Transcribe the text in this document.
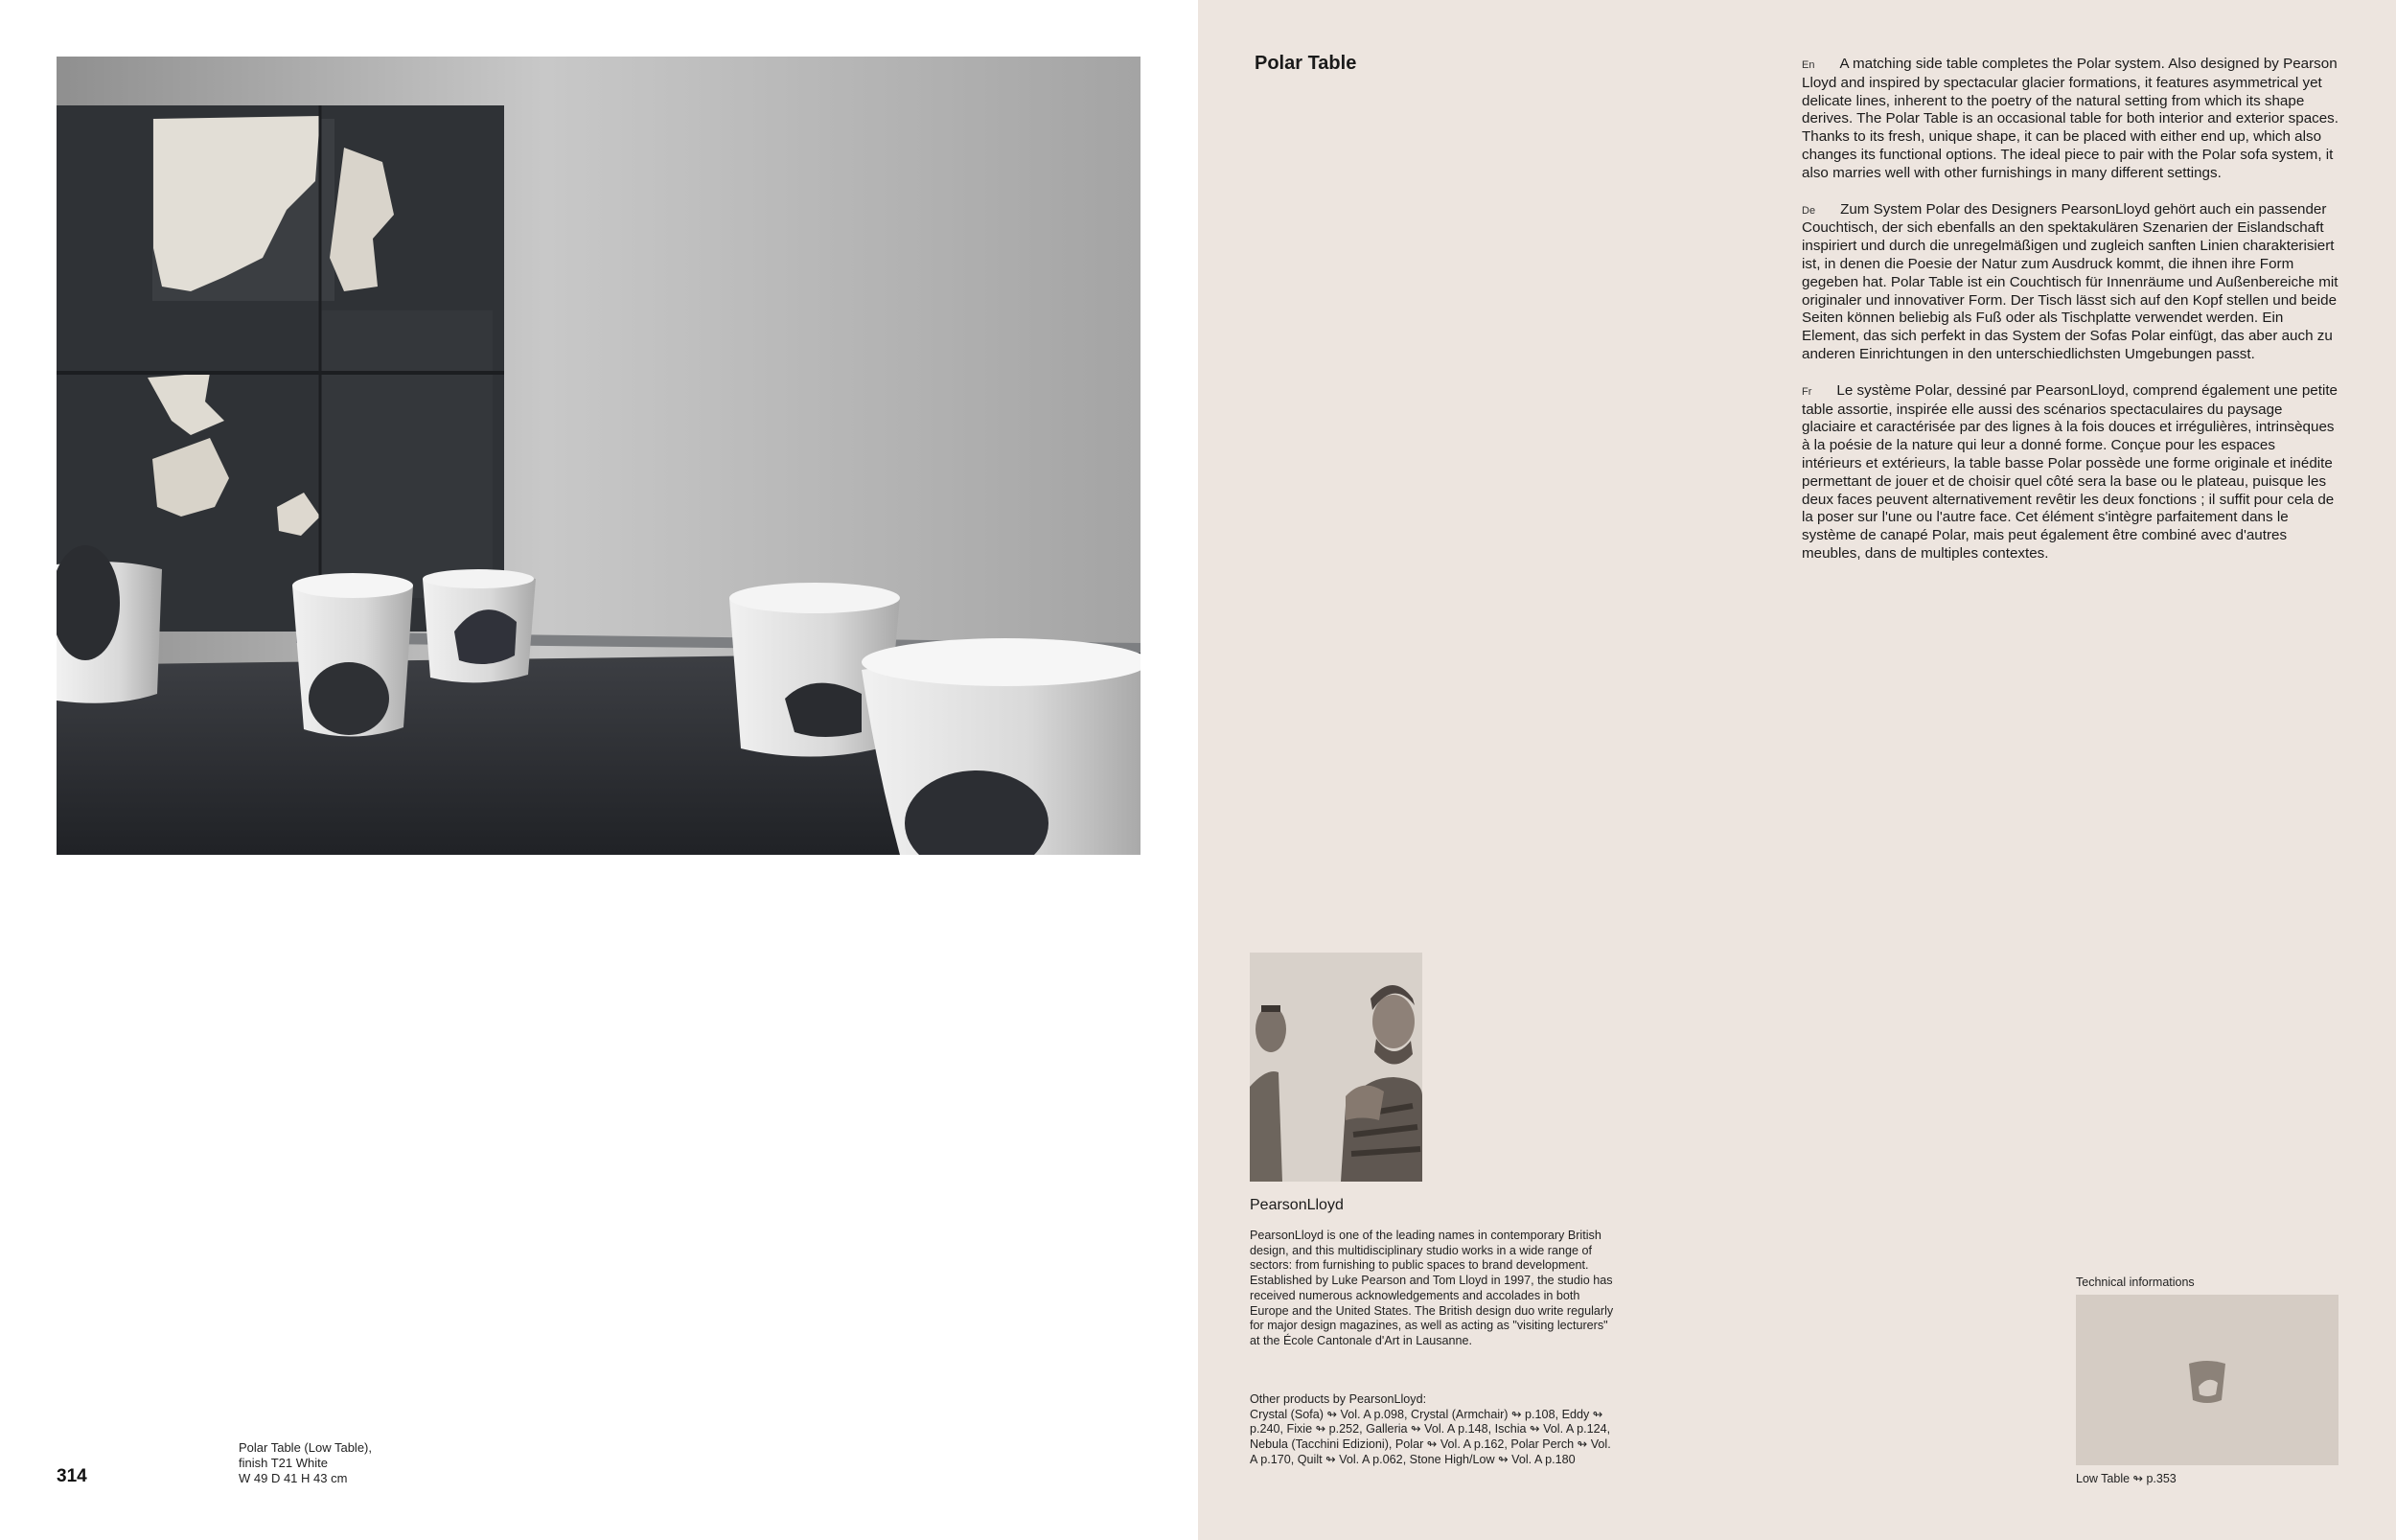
Polar Table (Low Table),
finish T21 White
W 49 D 41 H 43 cm
314
Polar Table	En A matching side table completes the Polar system. Also designed by Pearson Lloyd and inspired by spectacular glacier formations, it features asymmetrical yet delicate lines, inherent to the poetry of the natural setting from which its shape derives. The Polar Table is an occasional table for both interior and exterior spaces. Thanks to its fresh, unique shape, it can be placed with either end up, which also changes its functional options. The ideal piece to pair with the Polar sofa system, it also marries well with other furnishings in many different settings.

De Zum System Polar des Designers PearsonLloyd gehört auch ein passender Couchtisch, der sich ebenfalls an den spektakulären Szenarien der Eislandschaft inspiriert und durch die unregelmäßigen und zugleich sanften Linien charakterisiert ist, in denen die Poesie der Natur zum Ausdruck kommt, die ihnen ihre Form gegeben hat. Polar Table ist ein Couchtisch für Innenräume und Außenbereiche mit originaler und innovativer Form. Der Tisch lässt sich auf den Kopf stellen und beide Seiten können beliebig als Fuß oder als Tischplatte verwendet werden. Ein Element, das sich perfekt in das System der Sofas Polar einfügt, das aber auch zu anderen Einrichtungen in den unterschiedlichsten Umgebungen passt.

Fr Le système Polar, dessiné par PearsonLloyd, comprend également une petite table assortie, inspirée elle aussi des scénarios spectaculaires du paysage glaciaire et caractérisée par des lignes à la fois douces et irrégulières, intrinsèques à la poésie de la nature qui leur a donné forme. Conçue pour les espaces intérieurs et extérieurs, la table basse Polar possède une forme originale et inédite permettant de jouer et de choisir quel côté sera la base ou le plateau, puisque les deux faces peuvent alternativement revêtir les deux fonctions ; il suffit pour cela de la poser sur l'une ou l'autre face. Cet élément s'intègre parfaitement dans le système de canapé Polar, mais peut également être combiné avec d'autres meubles, dans de multiples contextes.

PearsonLloyd
PearsonLloyd is one of the leading names in contemporary British design, and this multidisciplinary studio works in a wide range of sectors: from furnishing to public spaces to brand development. Established by Luke Pearson and Tom Lloyd in 1997, the studio has received numerous acknowledgements and accolades in both Europe and the United States. The British design duo write regularly for major design magazines, as well as acting as "visiting lecturers" at the École Cantonale d'Art in Lausanne.

Other products by PearsonLloyd:

Crystal (Sofa) ↬ Vol. A p.098, Crystal (Armchair) ↬ p.108, Eddy ↬ p.240, Fixie ↬ p.252, Galleria ↬ Vol. A p.148, Ischia ↬ Vol. A p.124, Nebula (Tacchini Edizioni), Polar ↬ Vol. A p.162, Polar Perch ↬ Vol. A p.170, Quilt ↬ Vol. A p.062, Stone High/Low ↬ Vol. A p.180

Technical informations
Low Table ↬ p.353
